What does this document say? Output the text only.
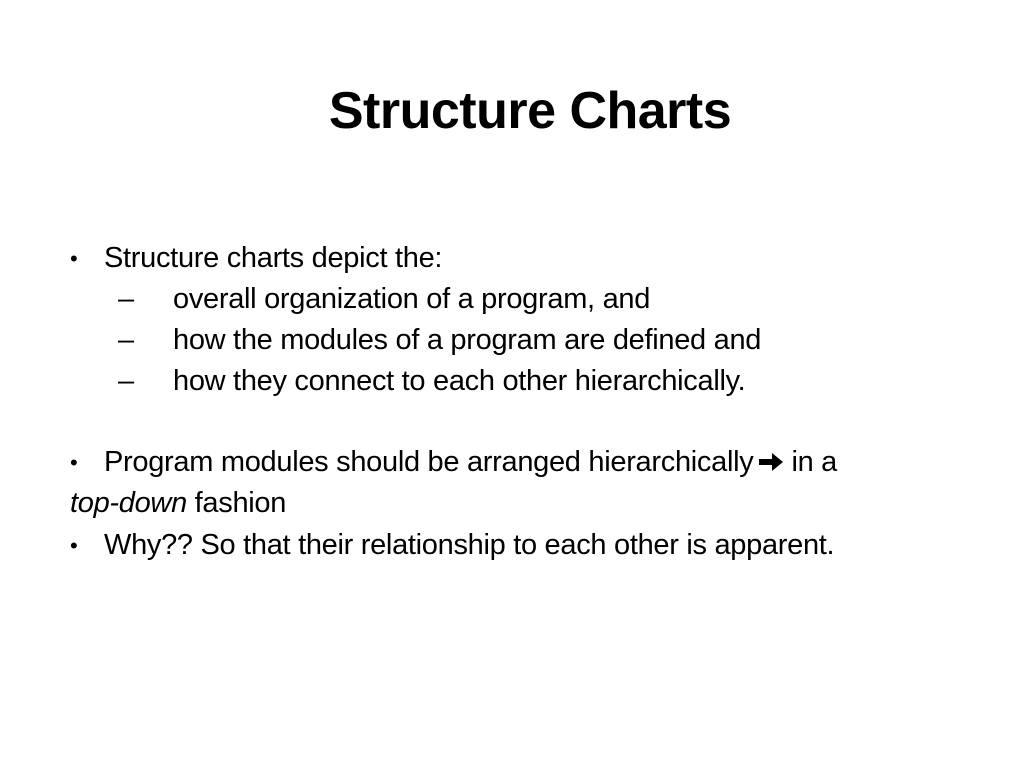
Structure Charts
• Structure charts depict the:
– overall organization of a program, and
– how the modules of a program are defined and
– how they connect to each other hierarchically.
• Program modules should be arranged hierarchically in a
top-down fashion
• Why?? So that their relationship to each other is apparent.
